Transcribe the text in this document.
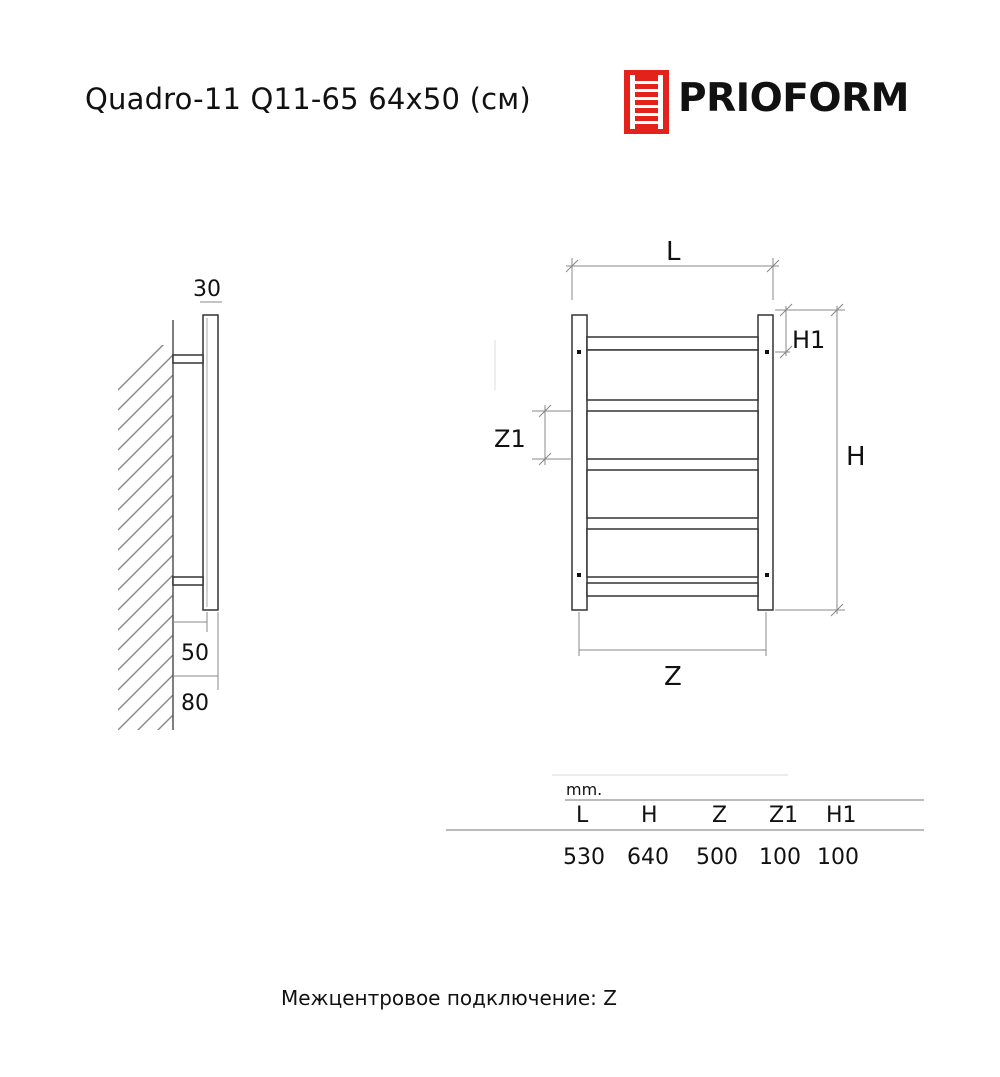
Quadro-11 Q11-65 64x50 (см)	PRIOFORM
30
50
80
L
H1
H
Z1
Z
mm.
L H Z Z1 H1
530 640 500 100 100
Межцентровое подключение: Z
